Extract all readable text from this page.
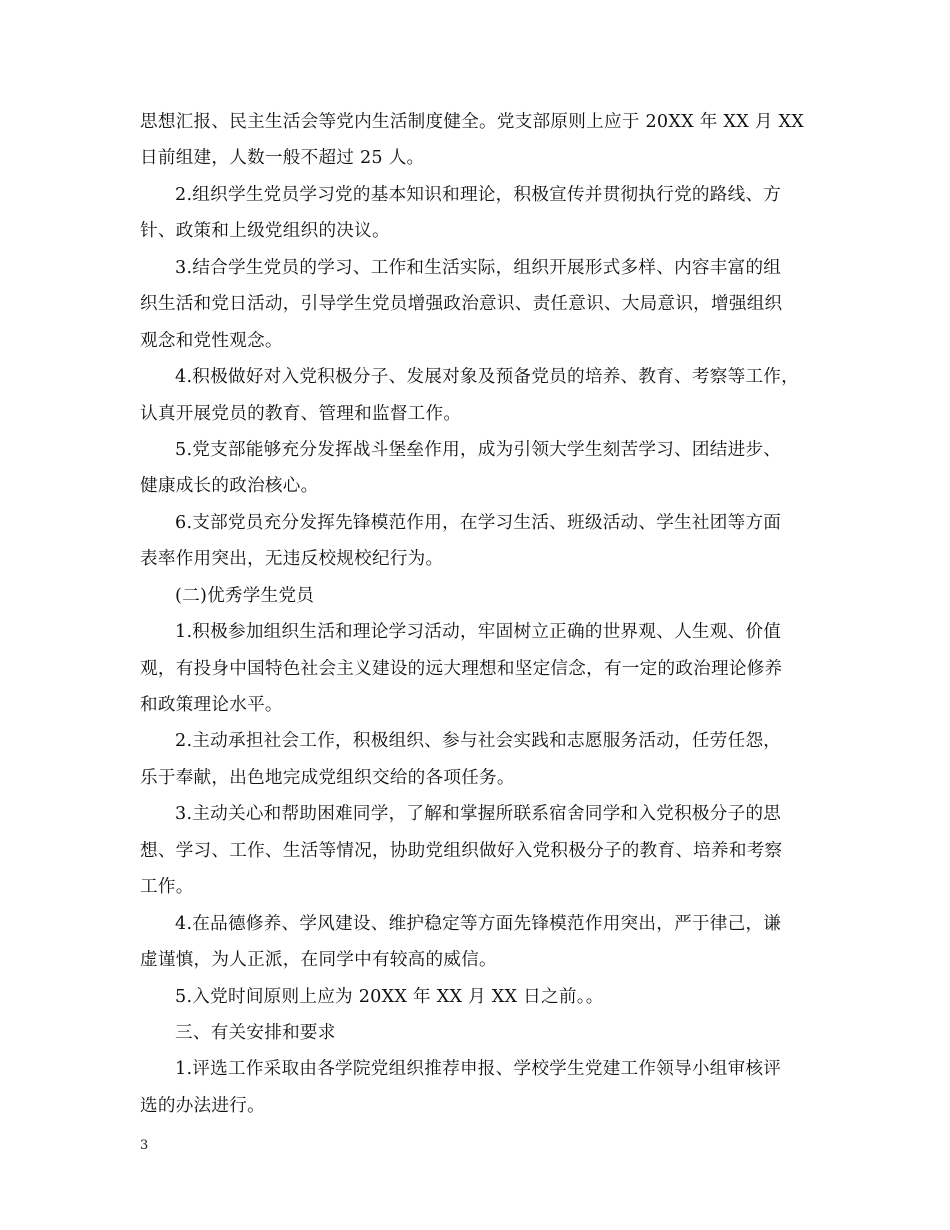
思想汇报、民主生活会等党内生活制度健全。党支部原则上应于 20XX 年 XX 月 XX
日前组建，人数一般不超过 25 人。
2.组织学生党员学习党的基本知识和理论，积极宣传并贯彻执行党的路线、方
针、政策和上级党组织的决议。
3.结合学生党员的学习、工作和生活实际，组织开展形式多样、内容丰富的组
织生活和党日活动，引导学生党员增强政治意识、责任意识、大局意识，增强组织
观念和党性观念。
4.积极做好对入党积极分子、发展对象及预备党员的培养、教育、考察等工作，
认真开展党员的教育、管理和监督工作。
5.党支部能够充分发挥战斗堡垒作用，成为引领大学生刻苦学习、团结进步、
健康成长的政治核心。
6.支部党员充分发挥先锋模范作用，在学习生活、班级活动、学生社团等方面
表率作用突出，无违反校规校纪行为。
(二)优秀学生党员
1.积极参加组织生活和理论学习活动，牢固树立正确的世界观、人生观、价值
观，有投身中国特色社会主义建设的远大理想和坚定信念，有一定的政治理论修养
和政策理论水平。
2.主动承担社会工作，积极组织、参与社会实践和志愿服务活动，任劳任怨，
乐于奉献，出色地完成党组织交给的各项任务。
3.主动关心和帮助困难同学，了解和掌握所联系宿舍同学和入党积极分子的思
想、学习、工作、生活等情况，协助党组织做好入党积极分子的教育、培养和考察
工作。
4.在品德修养、学风建设、维护稳定等方面先锋模范作用突出，严于律己，谦
虚谨慎，为人正派，在同学中有较高的威信。
5.入党时间原则上应为 20XX 年 XX 月 XX 日之前。。
三、有关安排和要求
1.评选工作采取由各学院党组织推荐申报、学校学生党建工作领导小组审核评
选的办法进行。
3
